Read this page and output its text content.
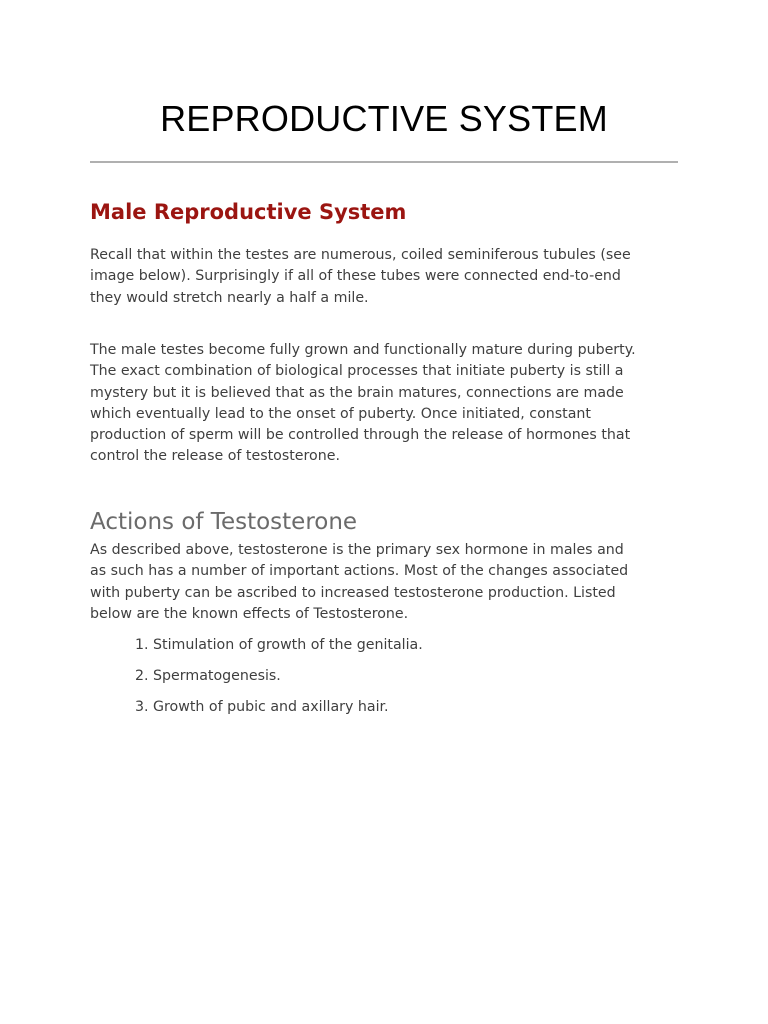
REPRODUCTIVE SYSTEM
Male Reproductive System

Recall that within the testes are numerous, coiled seminiferous tubules (see
image below). Surprisingly if all of these tubes were connected end-to-end
they would stretch nearly a half a mile.

The male testes become fully grown and functionally mature during puberty.
The exact combination of biological processes that initiate puberty is still a
mystery but it is believed that as the brain matures, connections are made
which eventually lead to the onset of puberty. Once initiated, constant
production of sperm will be controlled through the release of hormones that
control the release of testosterone.

Actions of Testosterone

As described above, testosterone is the primary sex hormone in males and
as such has a number of important actions. Most of the changes associated
with puberty can be ascribed to increased testosterone production. Listed
below are the known effects of Testosterone.

1. Stimulation of growth of the genitalia.
2. Spermatogenesis.
3. Growth of pubic and axillary hair.
